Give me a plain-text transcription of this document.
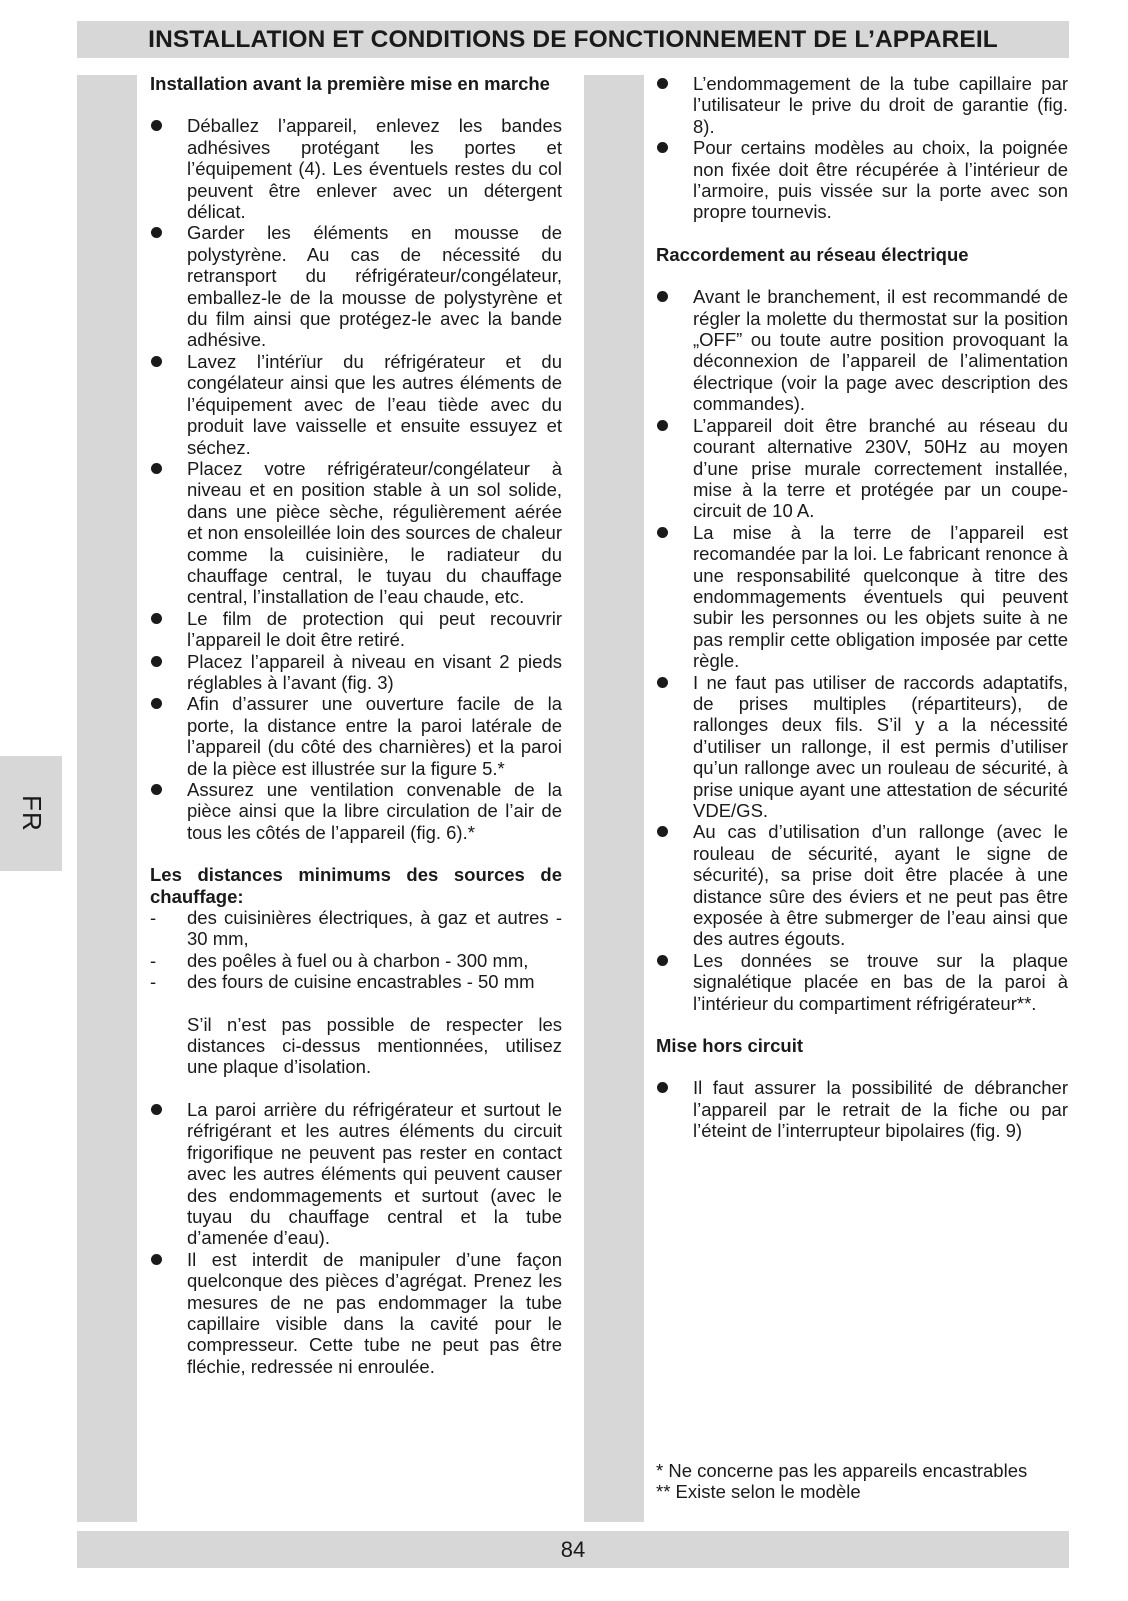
INSTALLATION ET CONDITIONS DE FONCTIONNEMENT DE L’APPAREIL
FR

Installation avant la première mise en marche

Déballez l’appareil, enlevez les bandes adhésives protégant les portes et l’équipement (4). Les éventuels restes du col peuvent être enlever avec un détergent délicat.
Garder les éléments en mousse de polystyrène. Au cas de nécessité du retransport du réfrigérateur/congélateur, emballez-le de la mousse de polystyrène et du film ainsi que protégez-le avec la bande adhésive.
Lavez l’intérïur du réfrigérateur et du congélateur ainsi que les autres éléments de l’équipement avec de l’eau tiède avec du produit lave vaisselle et ensuite essuyez et séchez.
Placez votre réfrigérateur/congélateur à niveau et en position stable à un sol solide, dans une pièce sèche, régulièrement aérée et non ensoleillée loin des sources de chaleur comme la cuisinière, le radiateur du chauffage central, le tuyau du chauffage central, l’installation de l’eau chaude, etc.
Le film de protection qui peut recouvrir l’appareil le doit être retiré.
Placez l’appareil à niveau en visant 2 pieds réglables à l’avant (fig. 3)
Afin d’assurer une ouverture facile de la porte, la distance entre la paroi latérale de l’appareil (du côté des charnières) et la paroi de la pièce est illustrée sur la figure 5.*
Assurez une ventilation convenable de la pièce ainsi que la libre circulation de l’air de tous les côtés de l’appareil (fig. 6).*

Les distances minimums des sources de chauffage:

- des cuisinières électriques, à gaz et autres - 30 mm,
- des poêles à fuel ou à charbon - 300 mm,
- des fours de cuisine encastrables - 50 mm

S’il n’est pas possible de respecter les distances ci-dessus mentionnées, utilisez une plaque d’isolation.

La paroi arrière du réfrigérateur et surtout le réfrigérant et les autres éléments du circuit frigorifique ne peuvent pas rester en contact avec les autres éléments qui peuvent causer des endommagements et surtout (avec le tuyau du chauffage central et la tube d’amenée d’eau).
Il est interdit de manipuler d’une façon quelconque des pièces d’agrégat. Prenez les mesures de ne pas endommager la tube capillaire visible dans la cavité pour le compresseur. Cette tube ne peut pas être fléchie, redressée ni enroulée.
L’endommagement de la tube capillaire par l’utilisateur le prive du droit de garantie (fig. 8).
Pour certains modèles au choix, la poignée non fixée doit être récupérée à l’intérieur de l’armoire, puis vissée sur la porte avec son propre tournevis.

Raccordement au réseau électrique

Avant le branchement, il est recommandé de régler la molette du thermostat sur la position „OFF” ou toute autre position provoquant la déconnexion de l’appareil de l’alimentation électrique (voir la page avec description des commandes).
L’appareil doit être branché au réseau du courant alternative 230V, 50Hz au moyen d’une prise murale correctement installée, mise à la terre et protégée par un coupe-circuit de 10 A.
La mise à la terre de l’appareil est recomandée par la loi. Le fabricant renonce à une responsabilité quelconque à titre des endommagements éventuels qui peuvent subir les personnes ou les objets suite à ne pas remplir cette obligation imposée par cette règle.
I ne faut pas utiliser de raccords adaptatifs, de prises multiples (répartiteurs), de rallonges deux fils. S’il y a la nécessité d’utiliser un rallonge, il est permis d’utiliser qu’un rallonge avec un rouleau de sécurité, à prise unique ayant une attestation de sécurité VDE/GS.
Au cas d’utilisation d’un rallonge (avec le rouleau de sécurité, ayant le signe de sécurité), sa prise doit être placée à une distance sûre des éviers et ne peut pas être exposée à être submerger de l’eau ainsi que des autres égouts.
Les données se trouve sur la plaque signalétique placée en bas de la paroi à l’intérieur du compartiment réfrigérateur**.

Mise hors circuit

Il faut assurer la possibilité de débrancher l’appareil par le retrait de la fiche ou par l’éteint de l’interrupteur bipolaires (fig. 9)
* Ne concerne pas les appareils encastrables
** Existe selon le modèle
84
